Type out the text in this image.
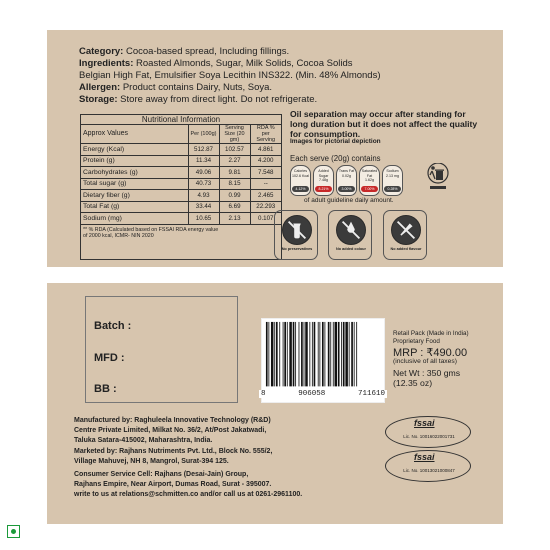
Category: Cocoa-based spread, Including fillings.
Ingredients: Roasted Almonds, Sugar, Milk Solids, Cocoa Solids
Belgian High Fat, Emulsifier Soya Lecithin INS322. (Min. 48% Almonds)
Allergen: Product contains Dairy, Nuts, Soya.
Storage: Store away from direct light. Do not refrigerate.
Nutritional Information
Approx Values	Per (100g)	Serving Size (20 gm)	RDA % per Serving
Energy (Kcal)	512.87	102.57	4.861
Protein (g)	11.34	2.27	4.200
Carbohydrates (g)	49.06	9.81	7.548
Total sugar (g)	40.73	8.15	--
Dietary fiber (g)	4.93	0.99	2.465
Total Fat (g)	33.44	6.69	22.293
Sodium (mg)	10.65	2.13	0.107
** % RDA (Calculated based on FSSAI RDA energy value
of 2000 kcal, ICMR- NIN 2020
Oil separation may occur after standing for
long duration but it does not affect the quality
for consumption.
Images for pictorial depiction
Each serve (20g) contains
Calories
102.6 Kcal
4.12%
Added Sugar
7.48g
8.21%
Trans Fat
0.02g
3.00%
Saturated Fat
1.62g
7.00%
Sodium
2.13 mg
0.28%
of adult guideline daily amount.
No preservatives	No added colour	No added flavour
Batch :
MFD :
BB :	8	906058	711610
Retail Pack (Made in India)
Proprietary Food
MRP : ₹490.00
(inclusive of all taxes)
Net Wt : 350 gms
(12.35 oz)
Manufactured by: Raghuleela Innovative Technology (R&D)
Centre Private Limited, Milkat No. 36/2, At/Post Jakatwadi,
Taluka Satara-415002, Maharashtra, India.
Marketed by: Rajhans Nutriments Pvt. Ltd., Block No. 555/2,
Village Mahuvej, NH 8, Mangrol, Surat-394 125.
Consumer Service Cell: Rajhans (Desai-Jain) Group,
Rajhans Empire, Near Airport, Dumas Road, Surat - 395007.
write to us at relations@schmitten.co and/or call us at 0261-2961100.
fssai
Lic. No. 10016022001731
fssai
Lic. No. 10013021000847
